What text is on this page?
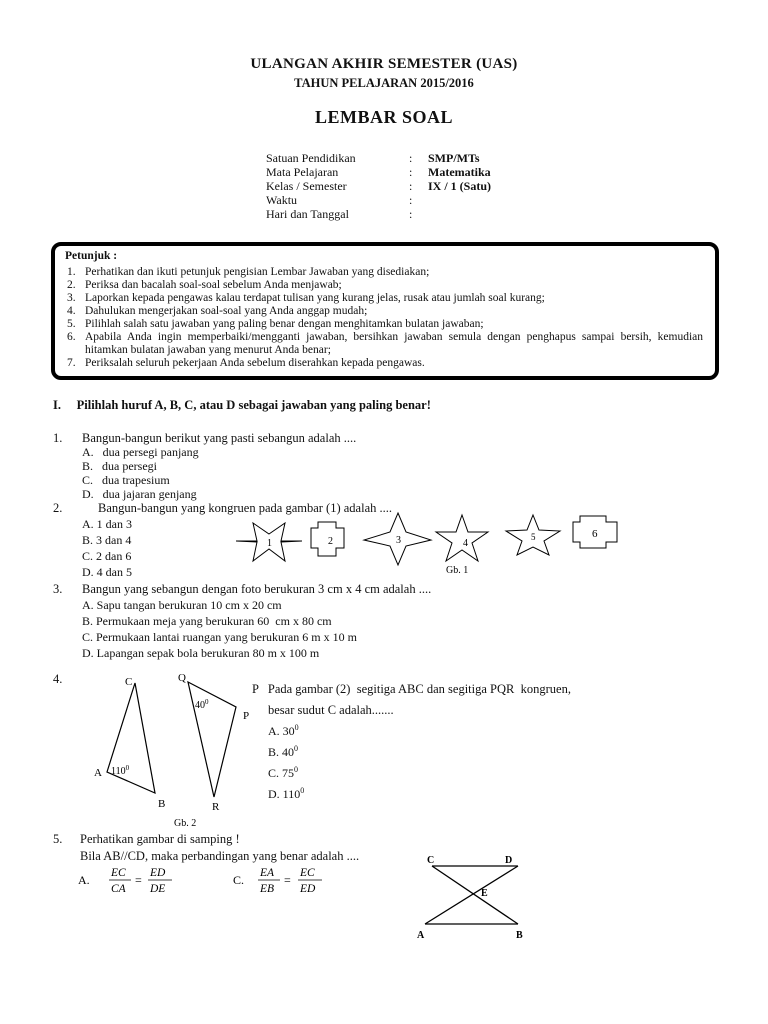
ULANGAN AKHIR SEMESTER (UAS)
TAHUN PELAJARAN 2015/2016
LEMBAR SOAL
Satuan Pendidikan	: SMP/MTs
Mata Pelajaran	: Matematika
Kelas / Semester	: IX / 1 (Satu)
Waktu	:
Hari dan Tanggal	:
Petunjuk :
1. Perhatikan dan ikuti petunjuk pengisian Lembar Jawaban yang disediakan;
2. Periksa dan bacalah soal-soal sebelum Anda menjawab;
3. Laporkan kepada pengawas kalau terdapat tulisan yang kurang jelas, rusak atau jumlah soal kurang;
4. Dahulukan mengerjakan soal-soal yang Anda anggap mudah;
5. Pilihlah salah satu jawaban yang paling benar dengan menghitamkan bulatan jawaban;
6. Apabila Anda ingin memperbaiki/mengganti jawaban, bersihkan jawaban semula dengan penghapus sampai bersih, kemudian hitamkan bulatan jawaban yang menurut Anda benar;
7. Periksalah seluruh pekerjaan Anda sebelum diserahkan kepada pengawas.
I.     Pilihlah huruf A, B, C, atau D sebagai jawaban yang paling benar!
1. Bangun-bangun berikut yang pasti sebangun adalah ....
A.   dua persegi panjang
B.   dua persegi
C.   dua trapesium
D.   dua jajaran genjang
2.	Bangun-bangun yang kongruen pada gambar (1) adalah ....
A. 1 dan 3
B. 3 dan 4
C. 2 dan 6
D. 4 dan 5
1	2	3	4
5	6
Gb. 1
3. Bangun yang sebangun dengan foto berukuran 3 cm x 4 cm adalah ....
A. Sapu tangan berukuran 10 cm x 20 cm
B. Permukaan meja yang berukuran 60  cm x 80 cm
C. Permukaan lantai ruangan yang berukuran 6 m x 10 m
D. Lapangan sepak bola berukuran 80 m x 100 m
4.	C
A
B
Q
P
R
$110^0$
$40^0$
Gb. 2
P   Pada gambar (2)  segitiga ABC dan segitiga PQR  kongruen,
besar sudut C adalah.......
A. $30^0$
B. $40^0$
C. $75^0$
D. $110^0$
5. Perhatikan gambar di samping !
Bila AB//CD, maka perbandingan yang benar adalah ....
A. EC
CA
= ED
DE
C. EA
EB
= EC
ED
C	D
E
A	B
